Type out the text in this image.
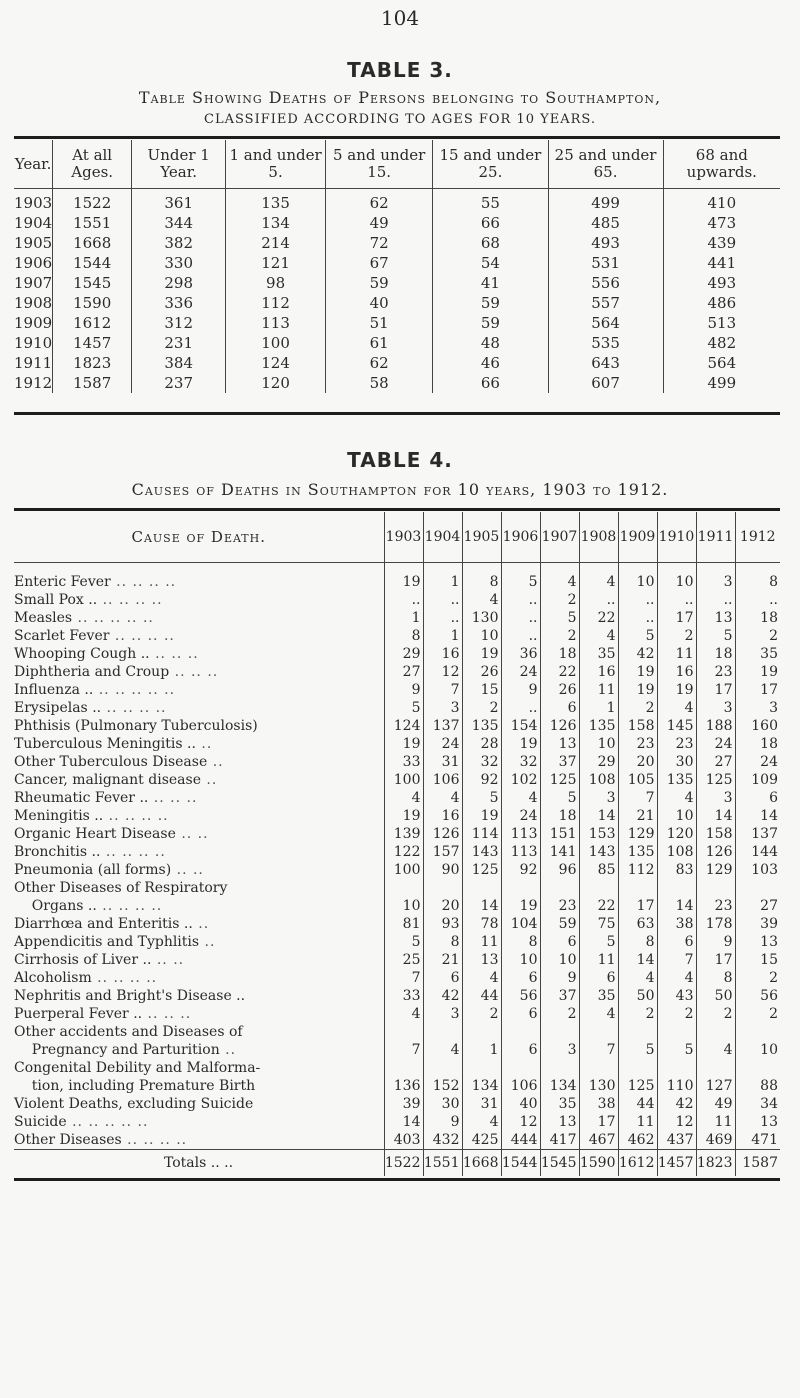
104
TABLE 3.
Table Showing Deaths of Persons belonging to Southampton,
CLASSIFIED ACCORDING TO AGES FOR 10 YEARS.
Year.	At all Ages.	Under 1 Year.	1 and under 5.	5 and under 15.	15 and under 25.	25 and under 65.	68 and upwards.
1903	1522	361	135	62	55	499	410
1904	1551	344	134	49	66	485	473
1905	1668	382	214	72	68	493	439
1906	1544	330	121	67	54	531	441
1907	1545	298	98	59	41	556	493
1908	1590	336	112	40	59	557	486
1909	1612	312	113	51	59	564	513
1910	1457	231	100	61	48	535	482
1911	1823	384	124	62	46	643	564
1912	1587	237	120	58	66	607	499
TABLE 4.
Causes of Deaths in Southampton for 10 years, 1903 to 1912.
Cause of Death.	1903	1904	1905	1906	1907	1908	1909	1910	1911	1912

Enteric Fever .. .. .. ..	19	1	8	5	4	4	10	10	3	8
Small Pox .. .. .. .. ..	..	..	4	..	2	..	..	..	..	..
Measles .. .. .. .. ..	1	..	130	..	5	22	..	17	13	18
Scarlet Fever .. .. .. ..	8	1	10	..	2	4	5	2	5	2
Whooping Cough .. .. .. ..	29	16	19	36	18	35	42	11	18	35
Diphtheria and Croup .. .. ..	27	12	26	24	22	16	19	16	23	19
Influenza .. .. .. .. .. ..	9	7	15	9	26	11	19	19	17	17
Erysipelas .. .. .. .. ..	5	3	2	..	6	1	2	4	3	3
Phthisis (Pulmonary Tuberculosis)	124	137	135	154	126	135	158	145	188	160
Tuberculous Meningitis .. ..	19	24	28	19	13	10	23	23	24	18
Other Tuberculous Disease ..	33	31	32	32	37	29	20	30	27	24
Cancer, malignant disease ..	100	106	92	102	125	108	105	135	125	109
Rheumatic Fever .. .. .. ..	4	4	5	4	5	3	7	4	3	6
Meningitis .. .. .. .. ..	19	16	19	24	18	14	21	10	14	14
Organic Heart Disease .. ..	139	126	114	113	151	153	129	120	158	137
Bronchitis .. .. .. .. ..	122	157	143	113	141	143	135	108	126	144
Pneumonia (all forms) .. ..	100	90	125	92	96	85	112	83	129	103
Other Diseases of Respiratory										
Organs .. .. .. .. ..	10	20	14	19	23	22	17	14	23	27
Diarrhœa and Enteritis .. ..	81	93	78	104	59	75	63	38	178	39
Appendicitis and Typhlitis ..	5	8	11	8	6	5	8	6	9	13
Cirrhosis of Liver .. .. ..	25	21	13	10	10	11	14	7	17	15
Alcoholism .. .. .. ..	7	6	4	6	9	6	4	4	8	2
Nephritis and Bright's Disease ..	33	42	44	56	37	35	50	43	50	56
Puerperal Fever .. .. .. ..	4	3	2	6	2	4	2	2	2	2
Other accidents and Diseases of										
Pregnancy and Parturition ..	7	4	1	6	3	7	5	5	4	10
Congenital Debility and Malforma-										
tion, including Premature Birth	136	152	134	106	134	130	125	110	127	88
Violent Deaths, excluding Suicide	39	30	31	40	35	38	44	42	49	34
Suicide .. .. .. .. ..	14	9	4	12	13	17	11	12	11	13
Other Diseases .. .. .. ..	403	432	425	444	417	467	462	437	469	471
Totals .. ..	1522	1551	1668	1544	1545	1590	1612	1457	1823	1587
